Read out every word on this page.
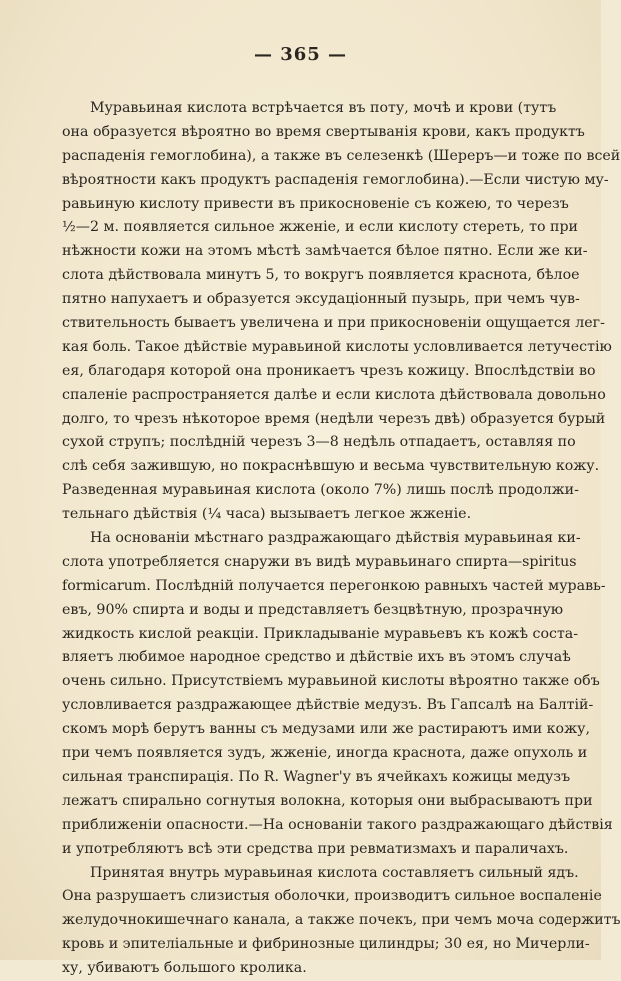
— 365 —
Муравьиная кислота встрѣчается въ поту, мочѣ и крови (тутъ
она образуется вѣроятно во время свертыванія крови, какъ продуктъ
распаденія гемоглобина), а также въ селезенкѣ (Шереръ—и тоже по всей
вѣроятности какъ продуктъ распаденія гемоглобина).—Если чистую му-
равьиную кислоту привести въ прикосновеніе съ кожею, то черезъ
½—2 м. появляется сильное жженіе, и если кислоту стереть, то при
нѣжности кожи на этомъ мѣстѣ замѣчается бѣлое пятно. Если же ки-
слота дѣйствовала минутъ 5, то вокругъ появляется краснота, бѣлое
пятно напухаетъ и образуется эксудаціонный пузырь, при чемъ чув-
ствительность бываетъ увеличена и при прикосновеніи ощущается лег-
кая боль. Такое дѣйствіе муравьиной кислоты условливается летучестію
ея, благодаря которой она проникаетъ чрезъ кожицу. Впослѣдствіи во
спаленіе распространяется далѣе и если кислота дѣйствовала довольно
долго, то чрезъ нѣкоторое время (недѣли черезъ двѣ) образуется бурый
сухой струпъ; послѣдній черезъ 3—8 недѣль отпадаетъ, оставляя по
слѣ себя зажившую, но покраснѣвшую и весьма чувствительную кожу.
Разведенная муравьиная кислота (около 7%) лишь послѣ продолжи-
тельнаго дѣйствія (¼ часа) вызываетъ легкое жженіе.
На основаніи мѣстнаго раздражающаго дѣйствія муравьиная ки-
слота употребляется снаружи въ видѣ муравьинаго спирта—spiritus
formicarum. Послѣдній получается перегонкою равныхъ частей муравь-
евъ, 90% спирта и воды и представляетъ безцвѣтную, прозрачную
жидкость кислой реакціи. Прикладываніе муравьевъ къ кожѣ соста-
вляетъ любимое народное средство и дѣйствіе ихъ въ этомъ случаѣ
очень сильно. Присутствіемъ муравьиной кислоты вѣроятно также объ
условливается раздражающее дѣйствіе медузъ. Въ Гапсалѣ на Балтій-
скомъ морѣ берутъ ванны съ медузами или же растираютъ ими кожу,
при чемъ появляется зудъ, жженіе, иногда краснота, даже опухоль и
сильная транспирація. По R. Wagner'у въ ячейкахъ кожицы медузъ
лежатъ спирально согнутыя волокна, которыя они выбрасываютъ при
приближеніи опасности.—На основаніи такого раздражающаго дѣйствія
и употребляютъ всѣ эти средства при ревматизмахъ и параличахъ.
Принятая внутрь муравьиная кислота составляетъ сильный ядъ.
Она разрушаетъ слизистыя оболочки, производитъ сильное воспаленіе
желудочнокишечнаго канала, а также почекъ, при чемъ моча содержитъ
кровь и эпителіальные и фибринозные цилиндры; 30 ея, но Мичерли-
ху, убиваютъ большого кролика.
